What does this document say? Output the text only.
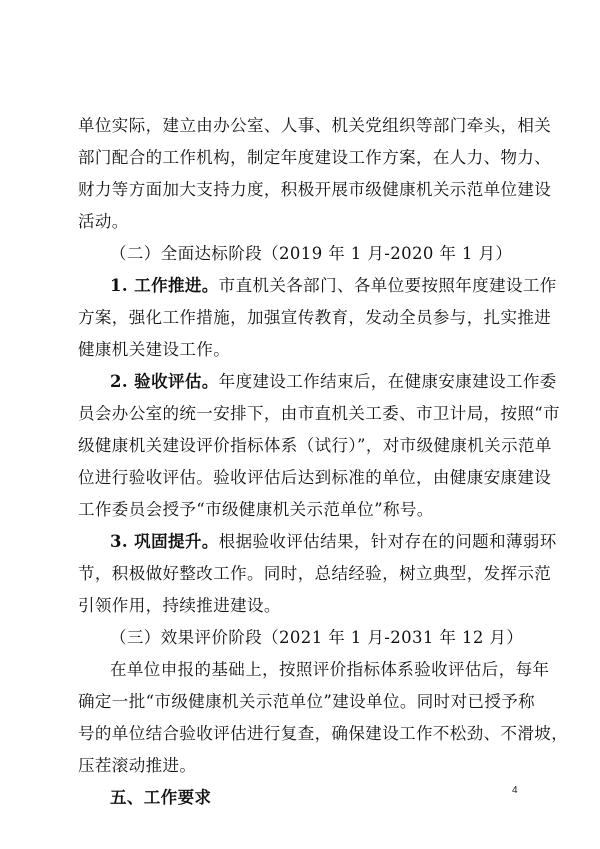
单位实际，建立由办公室、人事、机关党组织等部门牵头，相关
部门配合的工作机构，制定年度建设工作方案，在人力、物力、
财力等方面加大支持力度，积极开展市级健康机关示范单位建设
活动。
（二）全面达标阶段（2019 年 1 月-2020 年 1 月）
1. 工作推进。市直机关各部门、各单位要按照年度建设工作
方案，强化工作措施，加强宣传教育，发动全员参与，扎实推进
健康机关建设工作。
2. 验收评估。年度建设工作结束后，在健康安康建设工作委
员会办公室的统一安排下，由市直机关工委、市卫计局，按照“市
级健康机关建设评价指标体系（试行）”，对市级健康机关示范单
位进行验收评估。验收评估后达到标准的单位，由健康安康建设
工作委员会授予“市级健康机关示范单位”称号。
3. 巩固提升。根据验收评估结果，针对存在的问题和薄弱环
节，积极做好整改工作。同时，总结经验，树立典型，发挥示范
引领作用，持续推进建设。
（三）效果评价阶段（2021 年 1 月-2031 年 12 月）
在单位申报的基础上，按照评价指标体系验收评估后，每年
确定一批“市级健康机关示范单位”建设单位。同时对已授予称
号的单位结合验收评估进行复查，确保建设工作不松劲、不滑坡，
压茬滚动推进。
五、工作要求	4
